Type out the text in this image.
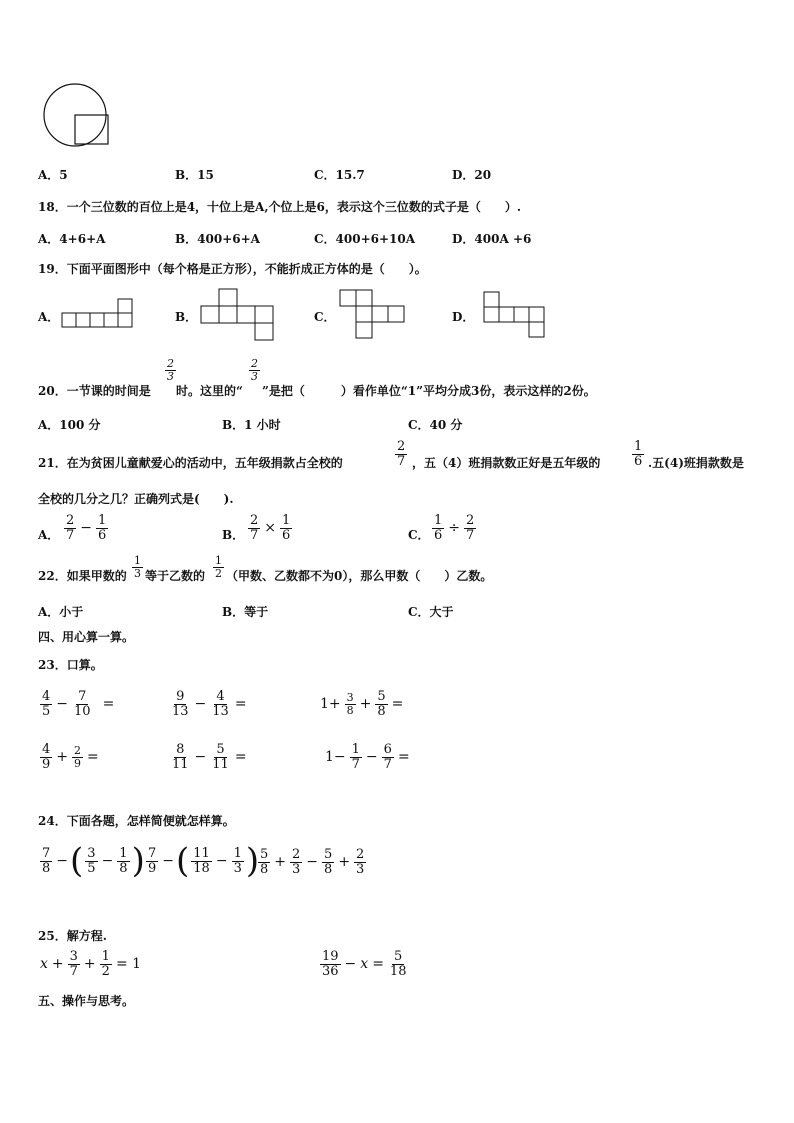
A．5	B．15	C．15.7	D．20
18．一个三位数的百位上是4，十位上是A,个位上是6，表示这个三位数的式子是（　　）.
A．4+6+A	B．400+6+A	C．400+6+10A	D．400A +6
19．下面平面图形中（每个格是正方形），不能折成正方体的是（　　）。
A．	B．	C．	D．
20．一节课的时间是
$\frac{2}{3}$
时。这里的“
$\frac{2}{3}$
”是把（　　　）看作单位“1”平均分成3份，表示这样的2份。
A．100 分	B．1 小时	C．40 分
21．在为贫困儿童献爱心的活动中，五年级捐款占全校的	$\frac{2}{7}$ ，五（4）班捐款数正好是五年级的 $\frac{1}{6}$ .五(4)班捐款数是
全校的几分之几？正确列式是(　　).
A． $\frac{2}{7} - \frac{1}{6}$	B． $\frac{2}{7} \times \frac{1}{6}$	C． $\frac{1}{6} \div \frac{2}{7}$
22．如果甲数的 $\frac{1}{3}$ 等于乙数的 $\frac{1}{2}$ （甲数、乙数都不为0），那么甲数（　　）乙数。
A．小于	B．等于	C．大于
四、用心算一算。
23．口算。
$\frac{4}{5} - \frac{7}{10}$ =	$\frac{9}{13} - \frac{4}{13}$ =	$1+ \frac{3}{8} + \frac{5}{8}$ =
$\frac{4}{9} + \frac{2}{9}$ =	$\frac{8}{11} - \frac{5}{11}$ =	$1- \frac{1}{7} - \frac{6}{7}$ =
24．下面各题，怎样简便就怎样算。
$\frac{7}{8}$ −( $\frac{3}{5} - \frac{1}{8}$ ) $\frac{7}{9}$ −( $\frac{11}{18} - \frac{1}{3}$ )
$\frac{5}{8} + \frac{2}{3} - \frac{5}{8} + \frac{2}{3}$
25．解方程.
$x + \frac{3}{7} + \frac{1}{2} = 1$	$\frac{19}{36} - x = \frac{5}{18}$
五、操作与思考。
